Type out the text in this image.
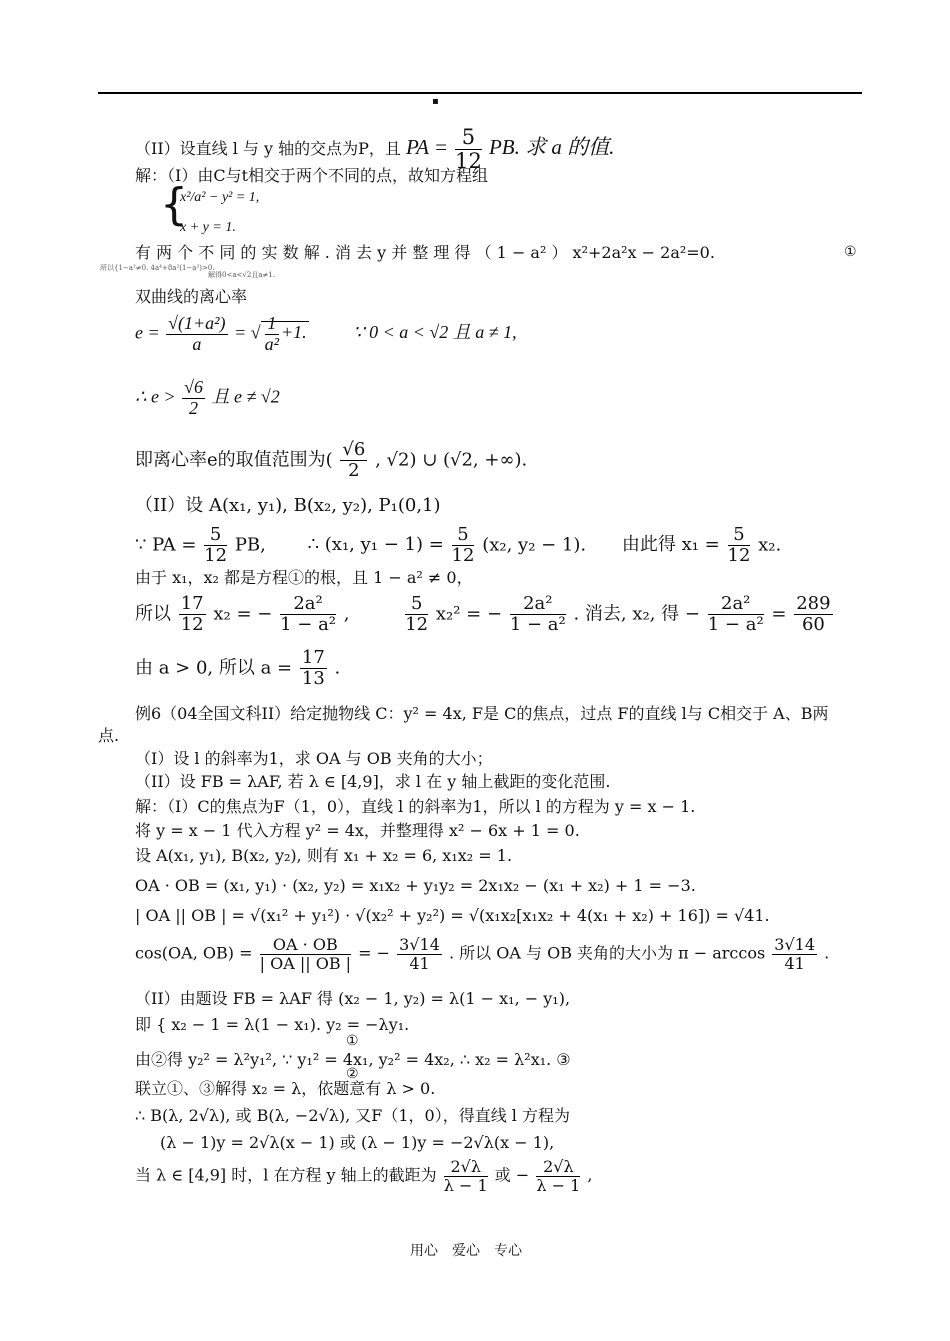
▪
（II）设直线 l 与 y 轴的交点为P，且 PA = $\frac{5}{12}$ PB. 求 a 的值.
解：（I）由C与t相交于两个不同的点，故知方程组
{
x²/a² − y² = 1,
x + y = 1.
有 两 个 不 同 的 实 数 解 . 消 去 y 并 整 理 得 （ 1 − a² ） x²+2a²x − 2a²=0.	①
所以{1−a²≠0. 4a⁴+8a²(1−a²)>0.
解得0<a<√2且a≠1.
双曲线的离心率
$e = \frac{\text{√(1+a²)}}{a}$ = √ $\frac{1}{\text{a²}} +1$.	∵ 0 < a < √2 且 a ≠ 1,
∴ $e > \frac{√6}{2}$ 且 e ≠ √2
即离心率e的取值范围为( $\frac{√6}{2}$ , √2) ∪ (√2, +∞).
（II）设 A(x₁, y₁), B(x₂, y₂), P₁(0,1)
∵ PA = $\frac{5}{12}$ PB, ∴ (x₁, $y_1 - 1) = \frac{5}{12} (x_2$, y₂ − 1). 由此得 $x_1 = \frac{5}{12} x_2$.
由于 x₁，x₂ 都是方程①的根，且 1 − a² ≠ 0，
所以 $\frac{17}{12} x_2$ = − $\frac{\text{2a²}}{\text{1 − a²}}$ ,	$\frac{5}{12} x_2^2$ = − $\frac{\text{2a²}}{\text{1 − a²}}$ . 消去, x₂, 得 − $\frac{\text{2a²}}{\text{1 − a²}} = \frac{289}{60}$
由 a > 0, 所以 $a = \frac{17}{13}$ .
例6（04全国文科II）给定抛物线 C：y² = 4x, F是 C的焦点，过点 F的直线 l与 C相交于 A、B两
点.
（I）设 l 的斜率为1，求 OA 与 OB 夹角的大小；
（II）设 FB = λAF, 若 λ ∈ [4,9]，求 l 在 y 轴上截距的变化范围.
解：（I）C的焦点为F（1，0），直线 l 的斜率为1，所以 l 的方程为 y = x − 1.
将 y = x − 1 代入方程 y² = 4x，并整理得 x² − 6x + 1 = 0.
设 A(x₁, y₁), B(x₂, y₂), 则有 x₁ + x₂ = 6, x₁x₂ = 1.
OA · OB = (x₁, y₁) · (x₂, y₂) = x₁x₂ + y₁y₂ = 2x₁x₂ − (x₁ + x₂) + 1 = −3.
| OA || OB | = √(x₁² + y₁²) · √(x₂² + y₂²) = √(x₁x₂[x₁x₂ + 4(x₁ + x₂) + 16]) = √41.
cos(OA, $OB) = \frac{OA \cdot OB}{| OA || OB |}$ = − $\frac{3√14}{41}$ . 所以 OA 与 OB 夹角的大小为 $\pi - \arccos \frac{3√14}{41}$ .
（II）由题设 FB = λAF 得 (x₂ − 1, y₂) = λ(1 − x₁, − y₁),
即 { x₂ − 1 = λ(1 − x₁). y₂ = −λy₁.
①
由②得 y₂² = λ²y₁², ∵ y₁² = 4x₁, y₂² = 4x₂, ∴ x₂ = λ²x₁. ③
②
联立①、③解得 x₂ = λ，依题意有 λ > 0.
∴ B(λ, 2√λ), 或 B(λ, −2√λ), 又F（1，0），得直线 l 方程为
(λ − 1)y = 2√λ(x − 1) 或 (λ − 1)y = −2√λ(x − 1),
当 λ ∈ [4,9] 时，l 在方程 y 轴上的截距为 $\frac{2√\lambda}{\lambda - 1}$ 或 − $\frac{2√\lambda}{\lambda - 1}$ ,
用心　爱心　专心
